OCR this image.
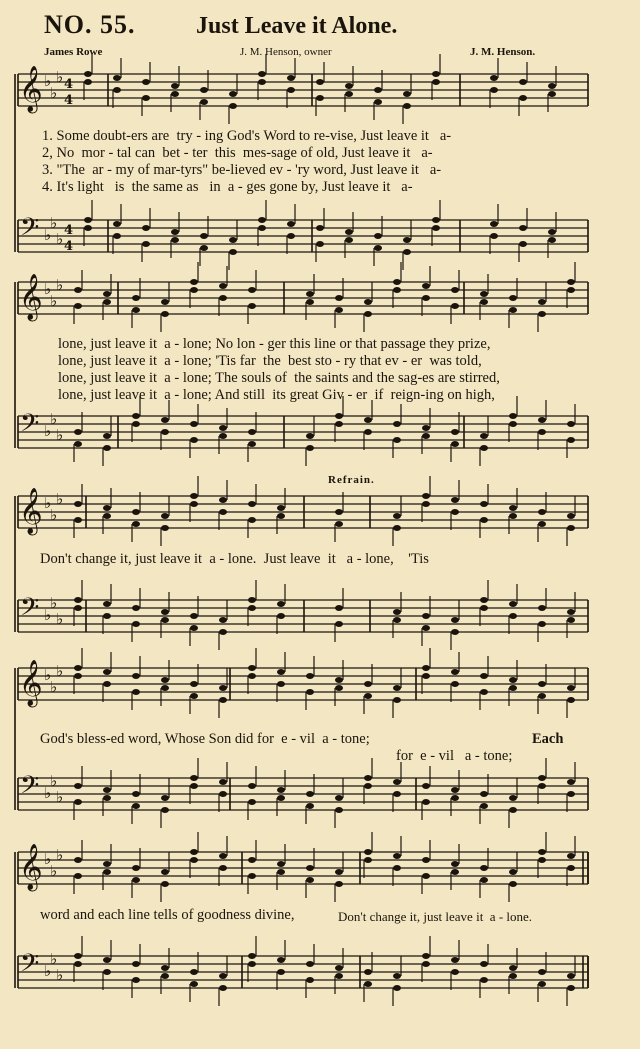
NO. 55.	Just Leave it Alone.
James Rowe	J. M. Henson, owner	J. M. Henson.
𝄞 ♭
♭
♭ 4
4
𝄢 ♭
♭
♭ 4
4
𝄞 ♭
♭
♭
𝄢 ♭
♭
♭
𝄞 ♭
♭
♭
𝄢 ♭
♭
♭
𝄞 ♭
♭
♭
𝄢 ♭
♭
♭
𝄞 ♭
♭
♭
𝄢 ♭
♭
♭
1. Some doubt-ers are  try - ing God's Word to re-vise, Just leave it   a-
2, No  mor - tal can  bet - ter  this  mes-sage of old, Just leave it   a-
3. "The  ar - my of mar-tyrs" be-lieved ev - 'ry word, Just leave it   a-
4. It's light   is  the same as   in  a - ges gone by, Just leave it   a-
lone, just leave it  a - lone; No lon - ger this line or that passage they prize,
lone, just leave it  a - lone; 'Tis far  the  best sto - ry that ev - er  was told,
lone, just leave it  a - lone; The souls of  the saints and the sag-es are stirred,
lone, just leave it  a - lone; And still  its great Giv - er  if  reign-ing on high,
Refrain.
Don't change it, just leave it  a - lone.  Just leave  it   a - lone,    'Tis
God's bless-ed word, Whose Son did for  e - vil  a - tone;	Each
for  e - vil   a - tone;
word and each line tells of goodness divine,	Don't change it, just leave it  a - lone.
